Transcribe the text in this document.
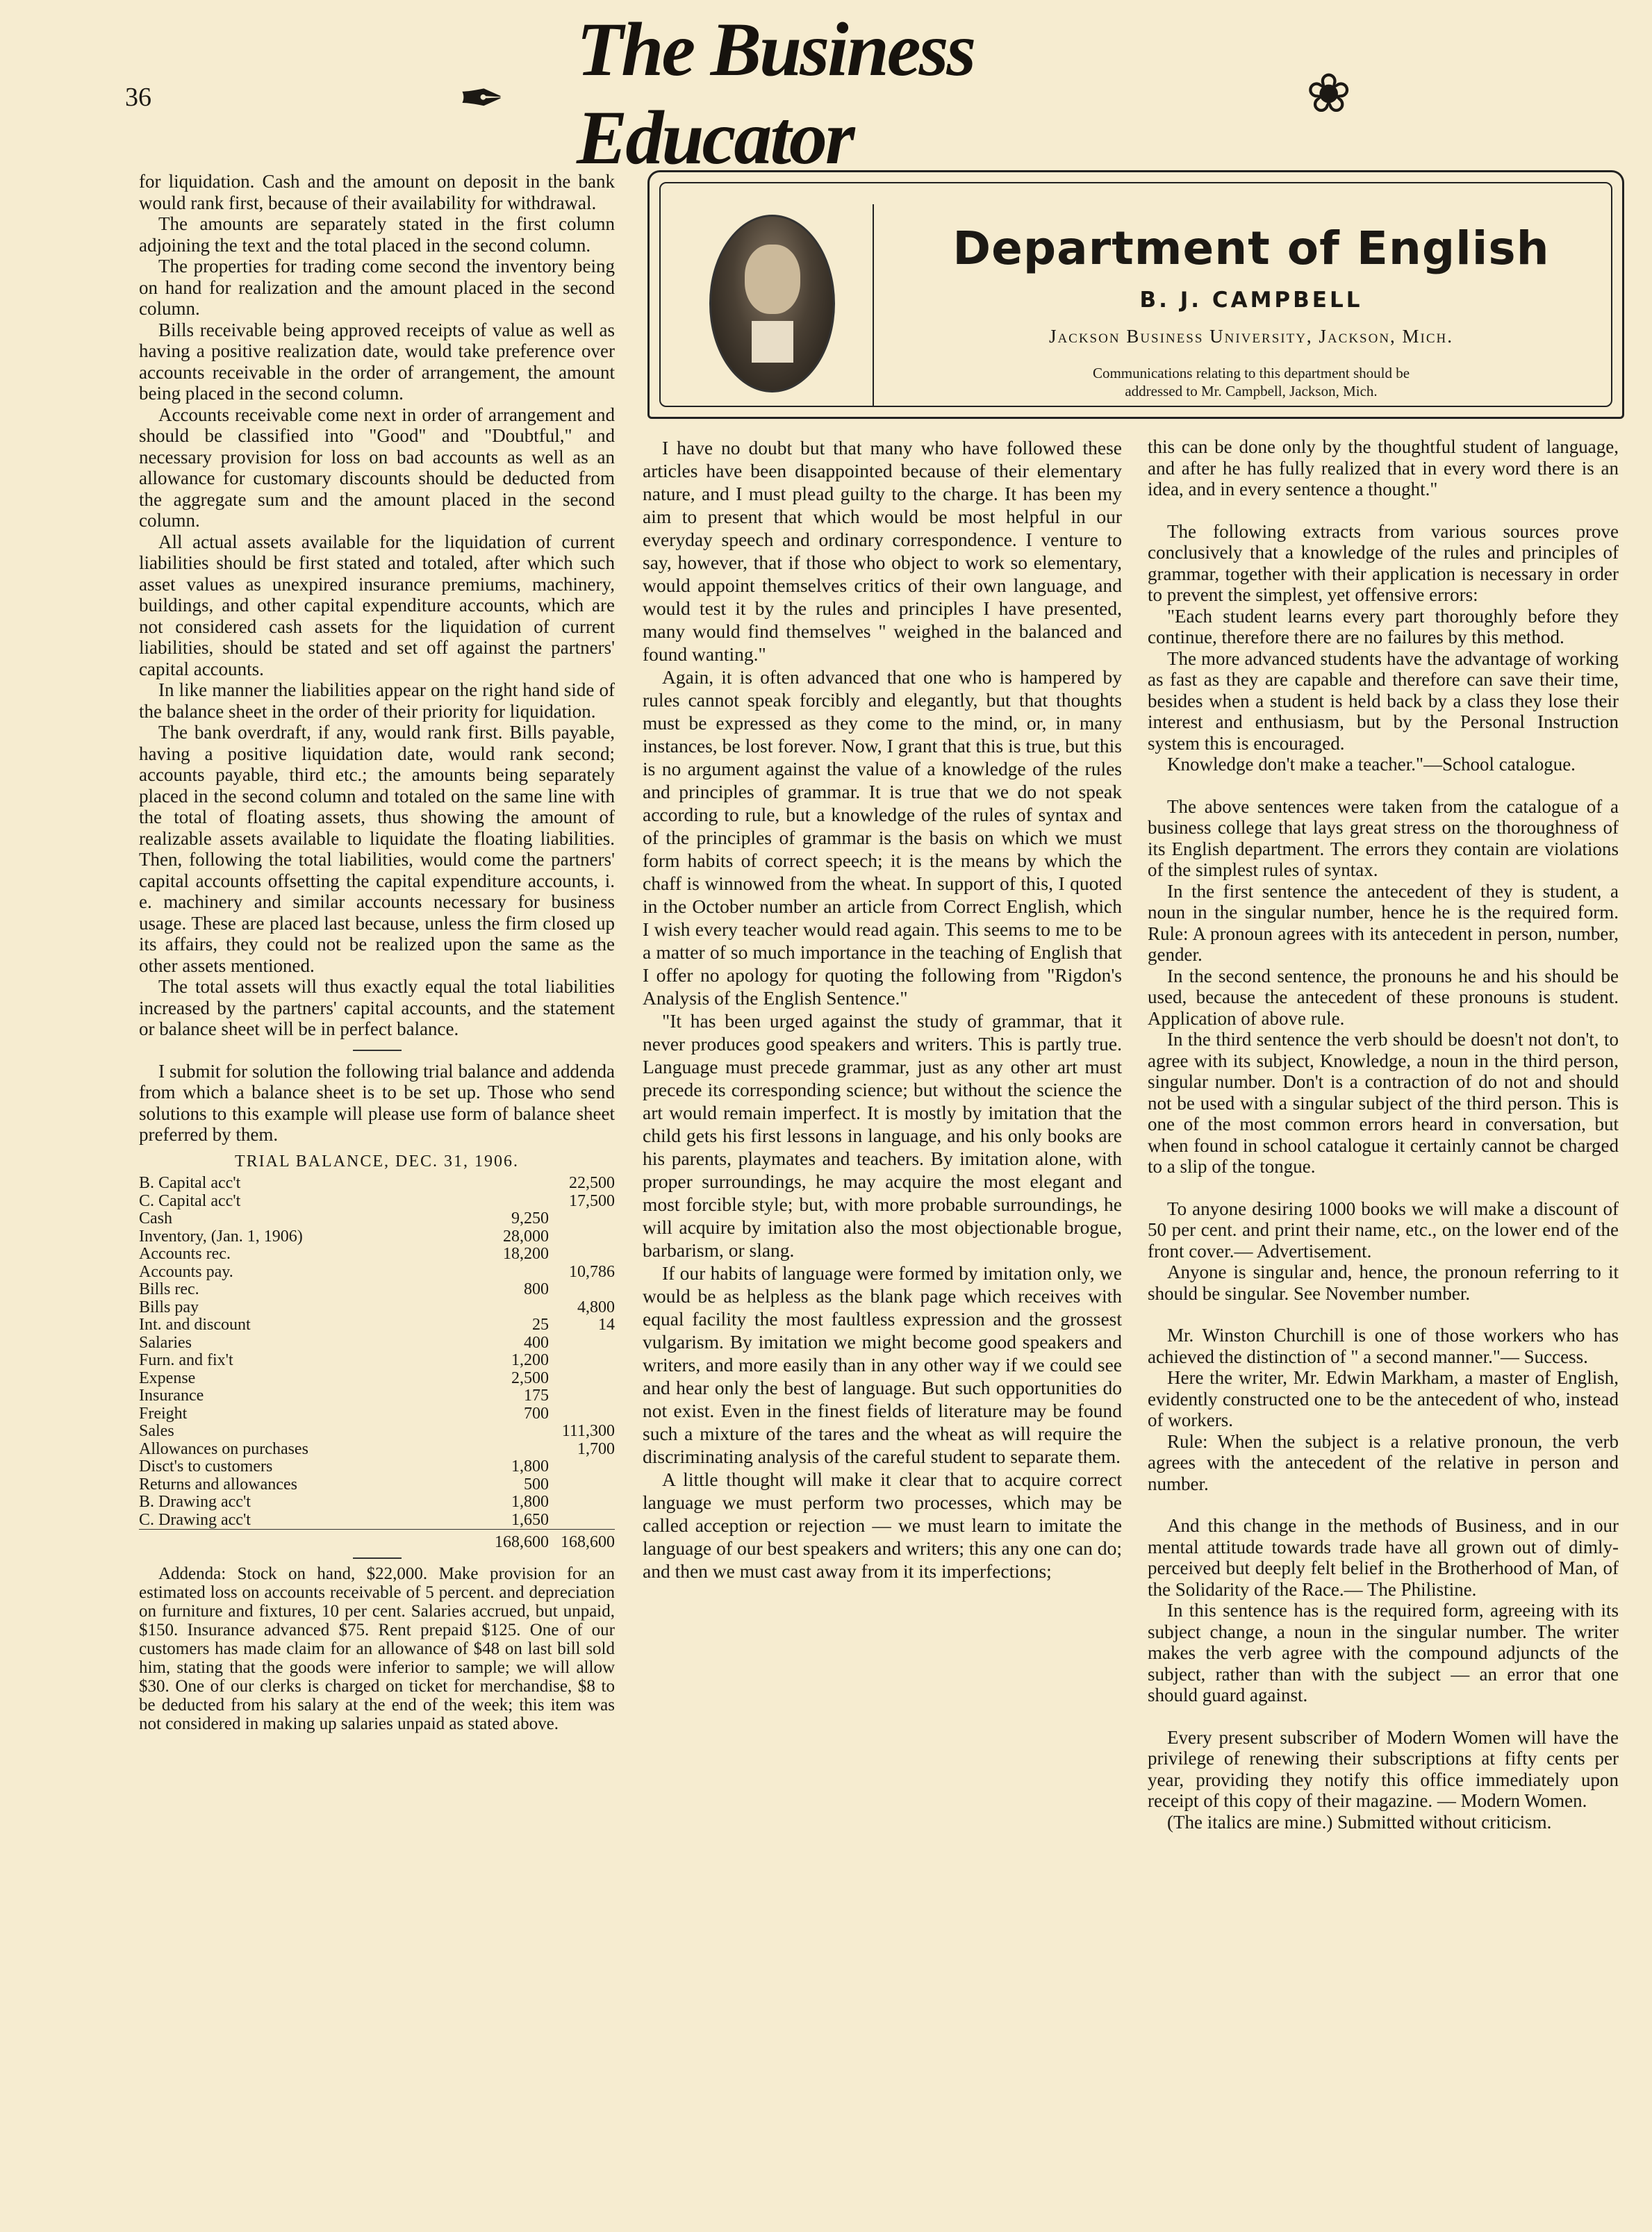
36	✒
The Business Educator
❀
Department of English
B. J. CAMPBELL
Jackson Business University, Jackson, Mich.
Communications relating to this department should be
addressed to Mr. Campbell, Jackson, Mich.

for liquidation. Cash and the amount on deposit in the bank would rank first, because of their availability for withdrawal.

The amounts are separately stated in the first column adjoining the text and the total placed in the second column.

The properties for trading come second the inventory being on hand for realization and the amount placed in the second column.

Bills receivable being approved receipts of value as well as having a positive realization date, would take preference over accounts receivable in the order of arrangement, the amount being placed in the second column.

Accounts receivable come next in order of arrangement and should be classified into "Good" and "Doubtful," and necessary provision for loss on bad accounts as well as an allowance for customary discounts should be deducted from the aggregate sum and the amount placed in the second column.

All actual assets available for the liquidation of current liabilities should be first stated and totaled, after which such asset values as unexpired insurance premiums, machinery, buildings, and other capital expenditure accounts, which are not considered cash assets for the liquidation of current liabilities, should be stated and set off against the partners' capital accounts.

In like manner the liabilities appear on the right hand side of the balance sheet in the order of their priority for liquidation.

The bank overdraft, if any, would rank first. Bills payable, having a positive liquidation date, would rank second; accounts payable, third etc.; the amounts being separately placed in the second column and totaled on the same line with the total of floating assets, thus showing the amount of realizable assets available to liquidate the floating liabilities. Then, following the total liabilities, would come the partners' capital accounts offsetting the capital expenditure accounts, i. e. machinery and similar accounts necessary for business usage. These are placed last because, unless the firm closed up its affairs, they could not be realized upon the same as the other assets mentioned.

The total assets will thus exactly equal the total liabilities increased by the partners' capital accounts, and the statement or balance sheet will be in perfect balance.

I submit for solution the following trial balance and addenda from which a balance sheet is to be set up. Those who send solutions to this example will please use form of balance sheet preferred by them.

TRIAL BALANCE, DEC. 31, 1906.
B. Capital acc't		22,500
C. Capital acc't		17,500
Cash	9,250	
Inventory, (Jan. 1, 1906)	28,000	
Accounts rec.	18,200	
Accounts pay.		10,786
Bills rec.	800	
Bills pay		4,800
Int. and discount	25	14
Salaries	400	
Furn. and fix't	1,200	
Expense	2,500	
Insurance	175	
Freight	700	
Sales		111,300
Allowances on purchases		1,700
Disct's to customers	1,800	
Returns and allowances	500	
B. Drawing acc't	1,800	
C. Drawing acc't	1,650	
	168,600	168,600

Addenda: Stock on hand, $22,000. Make provision for an estimated loss on accounts receivable of 5 percent. and depreciation on furniture and fixtures, 10 per cent. Salaries accrued, but unpaid, $150. Insurance advanced $75. Rent prepaid $125. One of our customers has made claim for an allowance of $48 on last bill sold him, stating that the goods were inferior to sample; we will allow $30. One of our clerks is charged on ticket for merchandise, $8 to be deducted from his salary at the end of the week; this item was not considered in making up salaries unpaid as stated above.

I have no doubt but that many who have followed these articles have been disappointed because of their elementary nature, and I must plead guilty to the charge. It has been my aim to present that which would be most helpful in our everyday speech and ordinary correspondence. I venture to say, however, that if those who object to work so elementary, would appoint themselves critics of their own language, and would test it by the rules and principles I have presented, many would find themselves " weighed in the balanced and found wanting."

Again, it is often advanced that one who is hampered by rules cannot speak forcibly and elegantly, but that thoughts must be expressed as they come to the mind, or, in many instances, be lost forever. Now, I grant that this is true, but this is no argument against the value of a knowledge of the rules and principles of grammar. It is true that we do not speak according to rule, but a knowledge of the rules of syntax and of the principles of grammar is the basis on which we must form habits of correct speech; it is the means by which the chaff is winnowed from the wheat. In support of this, I quoted in the October number an article from Correct English, which I wish every teacher would read again. This seems to me to be a matter of so much importance in the teaching of English that I offer no apology for quoting the following from "Rigdon's Analysis of the English Sentence."

"It has been urged against the study of grammar, that it never produces good speakers and writers. This is partly true. Language must precede grammar, just as any other art must precede its corresponding science; but without the science the art would remain imperfect. It is mostly by imitation that the child gets his first lessons in language, and his only books are his parents, playmates and teachers. By imitation alone, with proper surroundings, he may acquire the most elegant and most forcible style; but, with more probable surroundings, he will acquire by imitation also the most objectionable brogue, barbarism, or slang.

If our habits of language were formed by imitation only, we would be as helpless as the blank page which receives with equal facility the most faultless expression and the grossest vulgarism. By imitation we might become good speakers and writers, and more easily than in any other way if we could see and hear only the best of language. But such opportunities do not exist. Even in the finest fields of literature may be found such a mixture of the tares and the wheat as will require the discriminating analysis of the careful student to separate them.

A little thought will make it clear that to acquire correct language we must perform two processes, which may be called acception or rejection — we must learn to imitate the language of our best speakers and writers; this any one can do; and then we must cast away from it its imperfections;

this can be done only by the thoughtful student of language, and after he has fully realized that in every word there is an idea, and in every sentence a thought."

The following extracts from various sources prove conclusively that a knowledge of the rules and principles of grammar, together with their application is necessary in order to prevent the simplest, yet offensive errors:

"Each student learns every part thoroughly before they continue, therefore there are no failures by this method.

The more advanced students have the advantage of working as fast as they are capable and therefore can save their time, besides when a student is held back by a class they lose their interest and enthusiasm, but by the Personal Instruction system this is encouraged.

Knowledge don't make a teacher."—School catalogue.

The above sentences were taken from the catalogue of a business college that lays great stress on the thoroughness of its English department. The errors they contain are violations of the simplest rules of syntax.

In the first sentence the antecedent of they is student, a noun in the singular number, hence he is the required form. Rule: A pronoun agrees with its antecedent in person, number, gender.

In the second sentence, the pronouns he and his should be used, because the antecedent of these pronouns is student. Application of above rule.

In the third sentence the verb should be doesn't not don't, to agree with its subject, Knowledge, a noun in the third person, singular number. Don't is a contraction of do not and should not be used with a singular subject of the third person. This is one of the most common errors heard in conversation, but when found in school catalogue it certainly cannot be charged to a slip of the tongue.

To anyone desiring 1000 books we will make a discount of 50 per cent. and print their name, etc., on the lower end of the front cover.— Advertisement.

Anyone is singular and, hence, the pronoun referring to it should be singular. See November number.

Mr. Winston Churchill is one of those workers who has achieved the distinction of " a second manner."— Success.

Here the writer, Mr. Edwin Markham, a master of English, evidently constructed one to be the antecedent of who, instead of workers.

Rule: When the subject is a relative pronoun, the verb agrees with the antecedent of the relative in person and number.

And this change in the methods of Business, and in our mental attitude towards trade have all grown out of dimly-perceived but deeply felt belief in the Brotherhood of Man, of the Solidarity of the Race.— The Philistine.

In this sentence has is the required form, agreeing with its subject change, a noun in the singular number. The writer makes the verb agree with the compound adjuncts of the subject, rather than with the subject — an error that one should guard against.

Every present subscriber of Modern Women will have the privilege of renewing their subscriptions at fifty cents per year, providing they notify this office immediately upon receipt of this copy of their magazine. — Modern Women.

(The italics are mine.) Submitted without criticism.
